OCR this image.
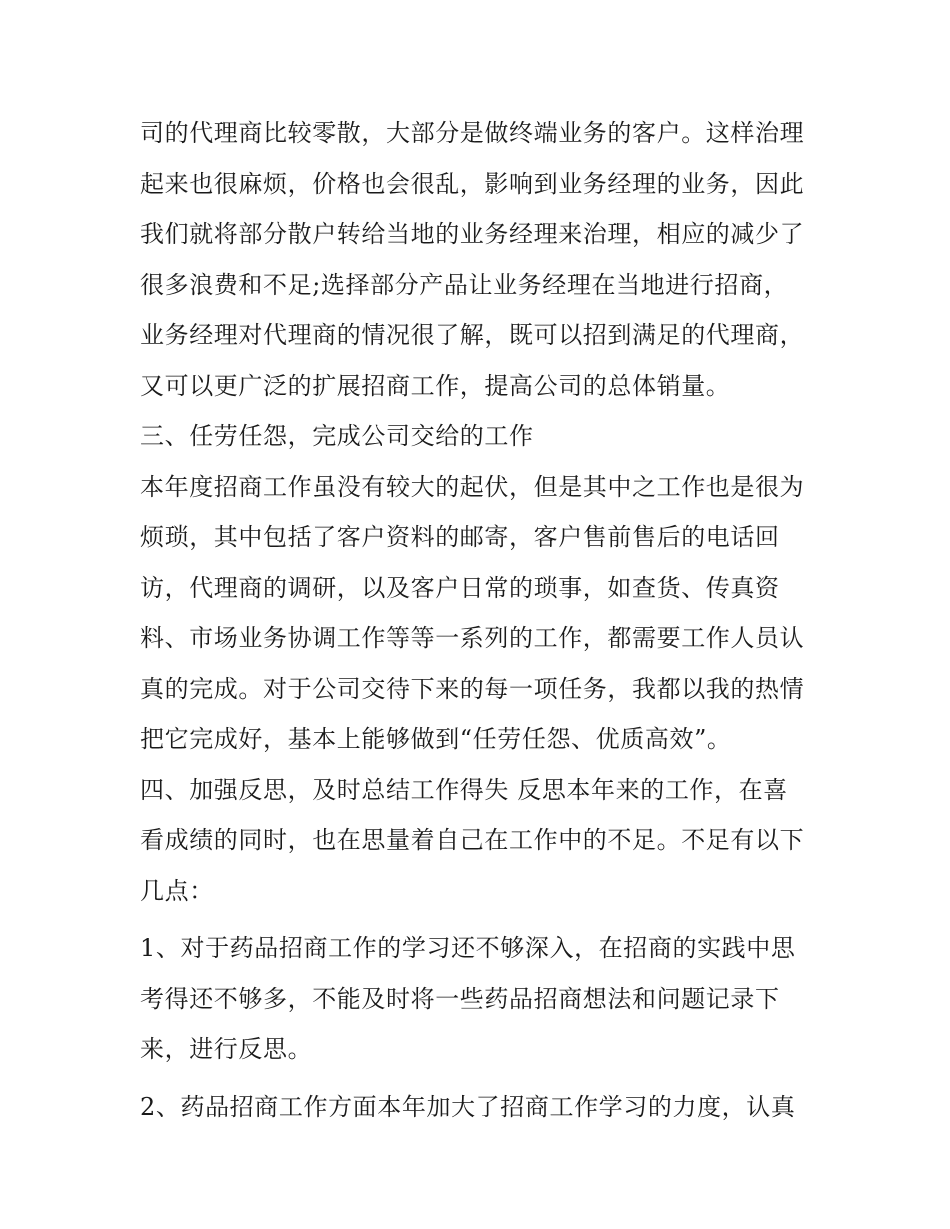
司的代理商比较零散，大部分是做终端业务的客户。这样治理
起来也很麻烦，价格也会很乱，影响到业务经理的业务，因此
我们就将部分散户转给当地的业务经理来治理，相应的减少了
很多浪费和不足;选择部分产品让业务经理在当地进行招商，
业务经理对代理商的情况很了解，既可以招到满足的代理商，
又可以更广泛的扩展招商工作，提高公司的总体销量。
三、任劳任怨，完成公司交给的工作
本年度招商工作虽没有较大的起伏，但是其中之工作也是很为
烦琐，其中包括了客户资料的邮寄，客户售前售后的电话回
访，代理商的调研，以及客户日常的琐事，如查货、传真资
料、市场业务协调工作等等一系列的工作，都需要工作人员认
真的完成。对于公司交待下来的每一项任务，我都以我的热情
把它完成好，基本上能够做到“任劳任怨、优质高效”。
四、加强反思，及时总结工作得失 反思本年来的工作，在喜
看成绩的同时，也在思量着自己在工作中的不足。不足有以下
几点：
1、对于药品招商工作的学习还不够深入，在招商的实践中思
考得还不够多，不能及时将一些药品招商想法和问题记录下
来，进行反思。
2、药品招商工作方面本年加大了招商工作学习的力度，认真
